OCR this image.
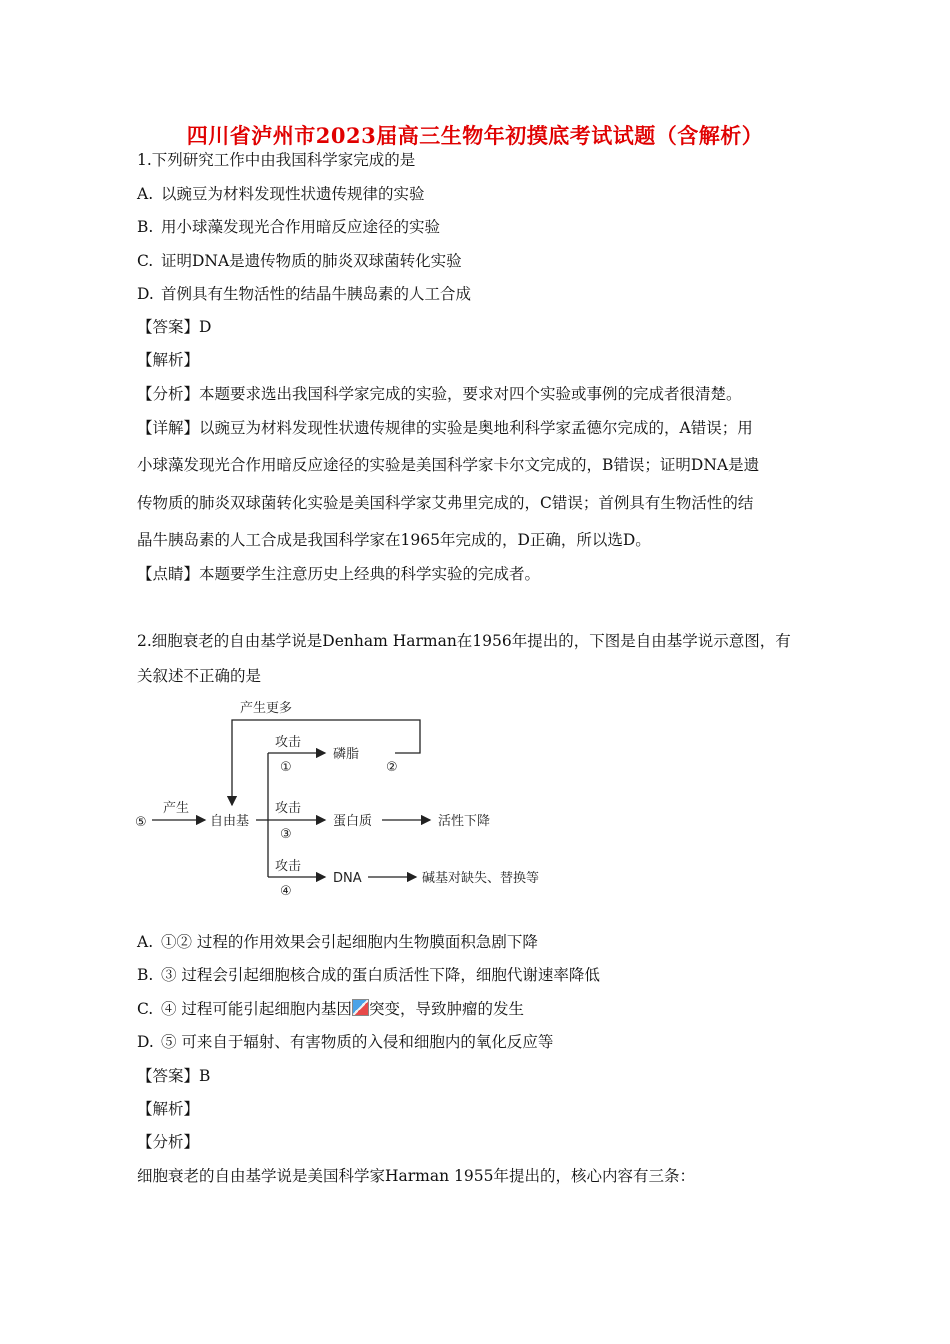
四川省泸州市2023届高三生物年初摸底考试试题（含解析）
1.下列研究工作中由我国科学家完成的是
A. 以豌豆为材料发现性状遗传规律的实验
B. 用小球藻发现光合作用暗反应途径的实验
C. 证明DNA是遗传物质的肺炎双球菌转化实验
D. 首例具有生物活性的结晶牛胰岛素的人工合成
【答案】D
【解析】
【分析】本题要求选出我国科学家完成的实验，要求对四个实验或事例的完成者很清楚。
【详解】以豌豆为材料发现性状遗传规律的实验是奥地利科学家孟德尔完成的，A错误；用
小球藻发现光合作用暗反应途径的实验是美国科学家卡尔文完成的，B错误；证明DNA是遗
传物质的肺炎双球菌转化实验是美国科学家艾弗里完成的，C错误；首例具有生物活性的结
晶牛胰岛素的人工合成是我国科学家在1965年完成的，D正确，所以选D。
【点睛】本题要学生注意历史上经典的科学实验的完成者。
2.细胞衰老的自由基学说是Denham Harman在1956年提出的，下图是自由基学说示意图，有
关叙述不正确的是
产生更多
⑤
产生
自由基
攻击
①
攻击
③
攻击
④
磷脂
②
蛋白质	活性下降
DNA	碱基对缺失、替换等
A. ①② 过程的作用效果会引起细胞内生物膜面积急剧下降
B. ③ 过程会引起细胞核合成的蛋白质活性下降，细胞代谢速率降低
C. ④ 过程可能引起细胞内基因 突变，导致肿瘤的发生
D. ⑤ 可来自于辐射、有害物质的入侵和细胞内的氧化反应等
【答案】B
【解析】
【分析】
细胞衰老的自由基学说是美国科学家Harman 1955年提出的，核心内容有三条：
